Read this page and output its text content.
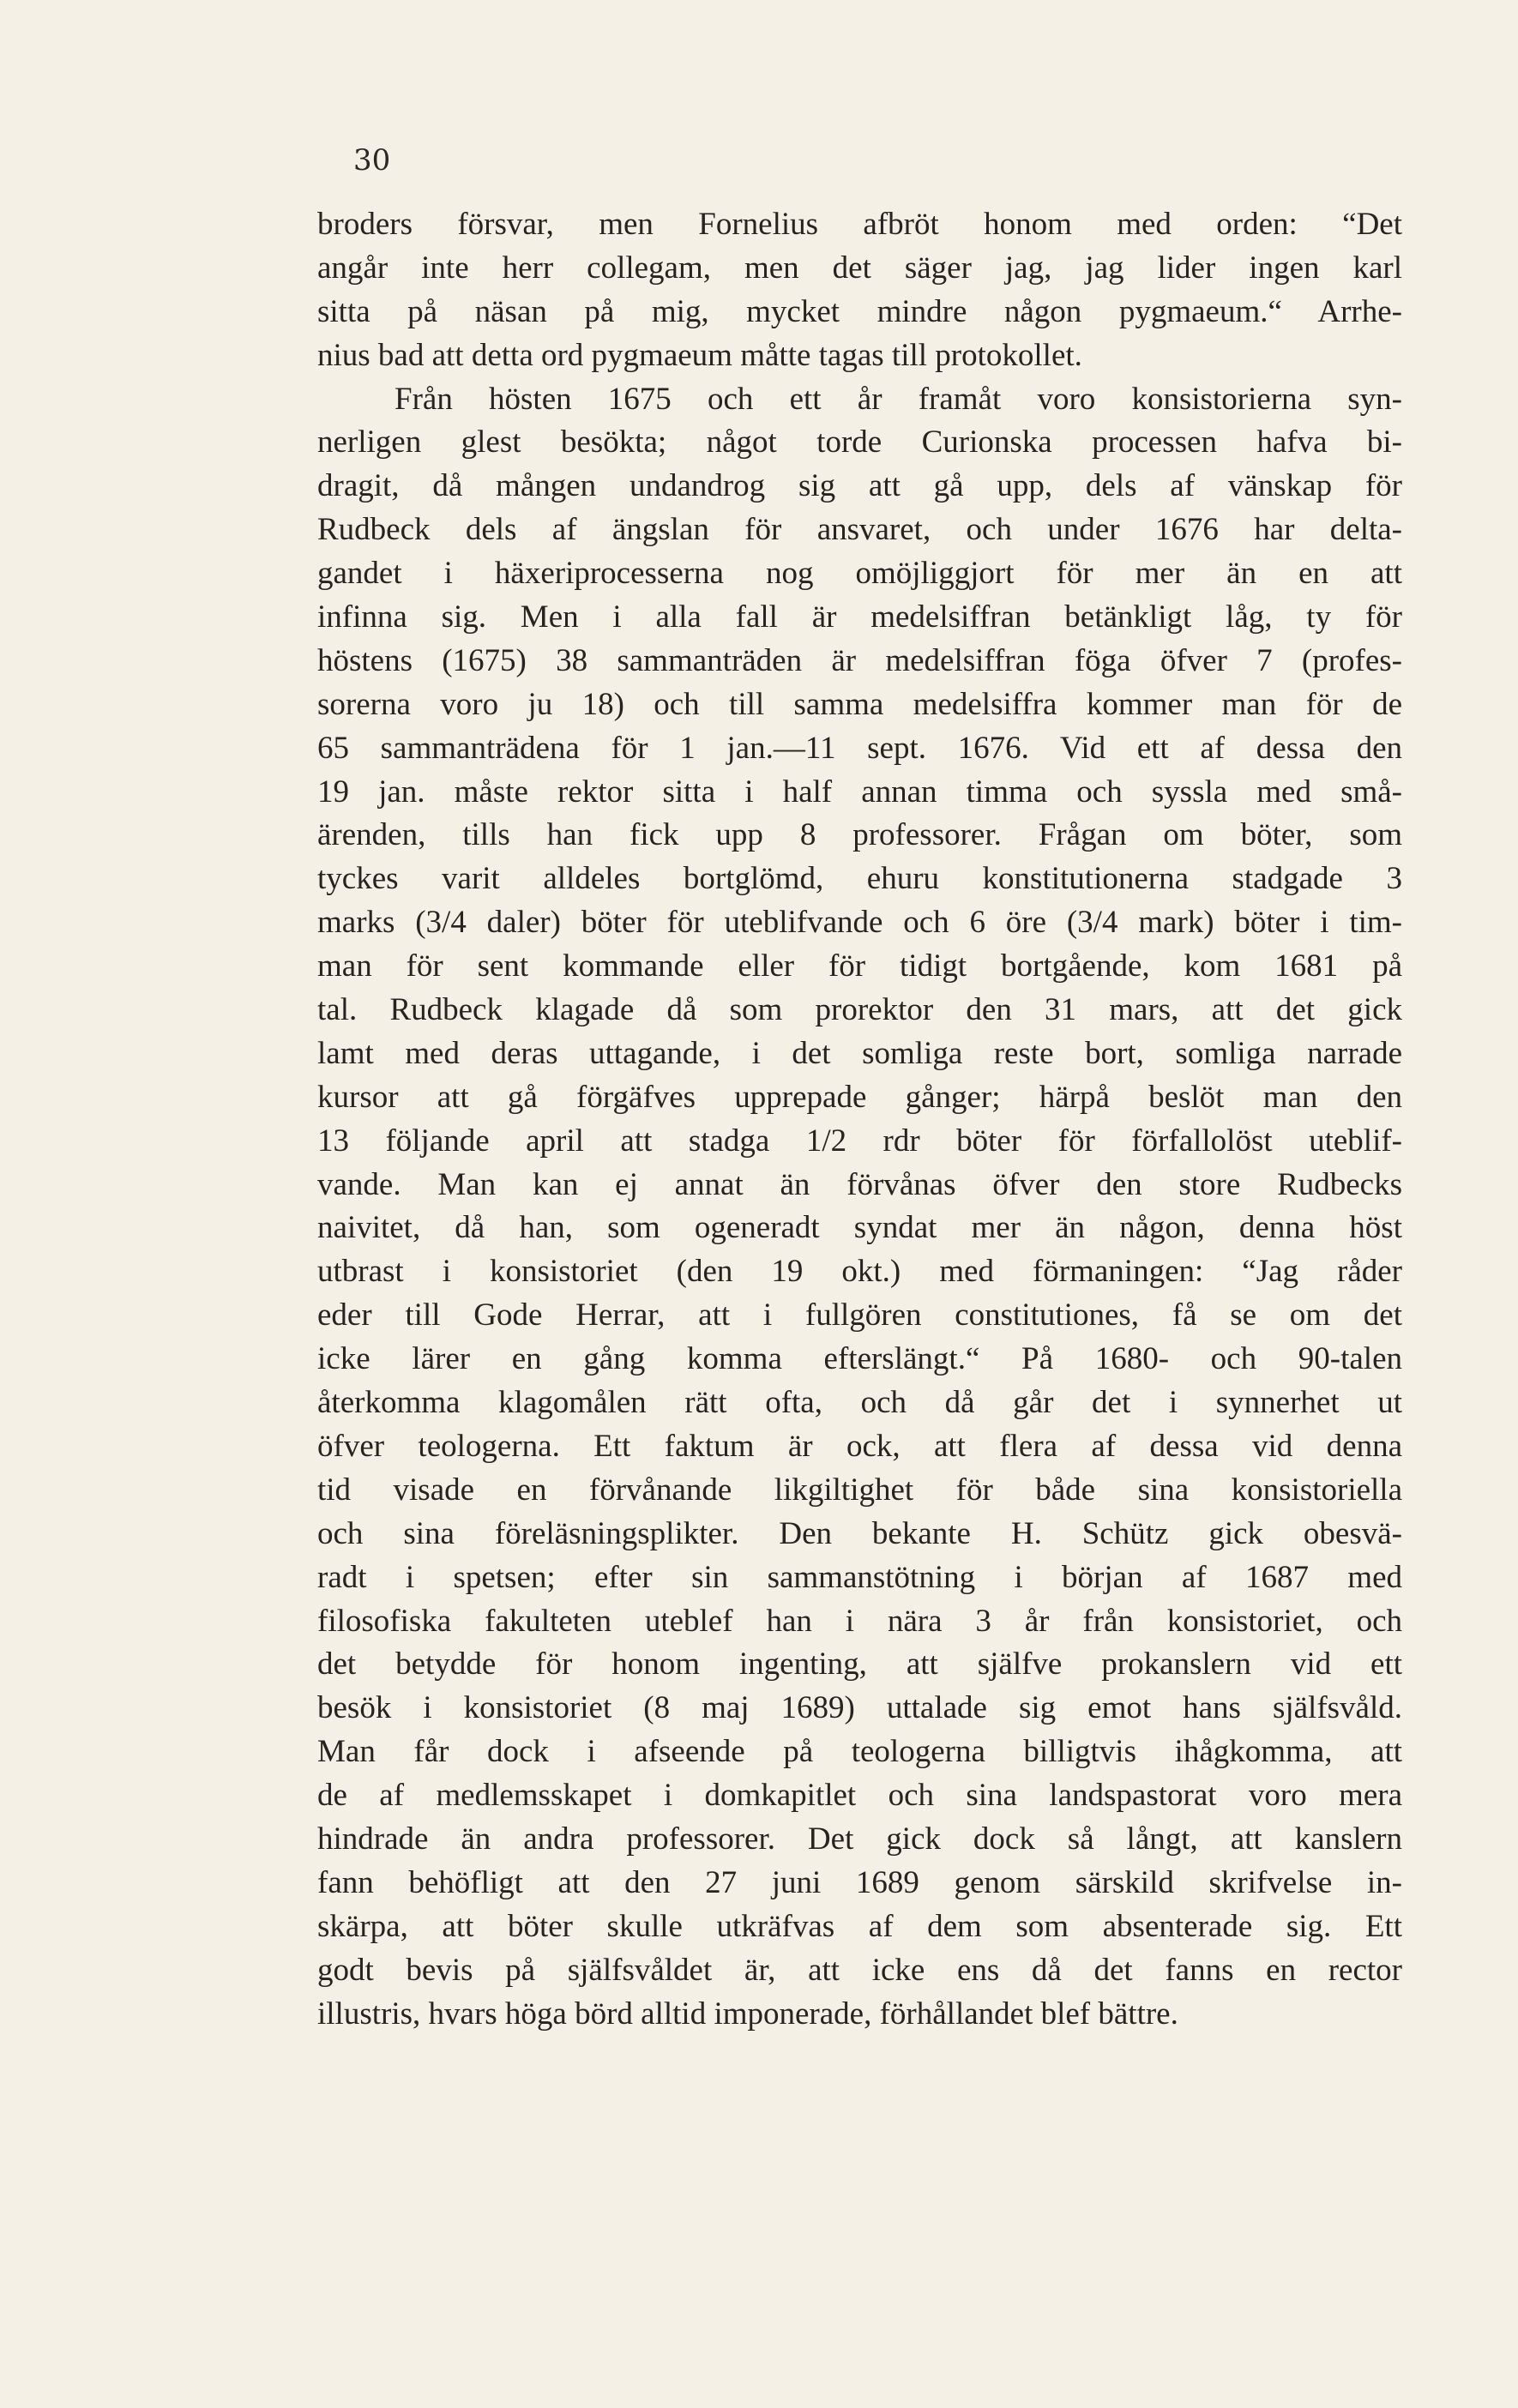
30
broders försvar, men Fornelius afbröt honom med orden: “Det
angår inte herr collegam, men det säger jag, jag lider ingen karl
sitta på näsan på mig, mycket mindre någon pygmaeum.“ Arrhe-
nius bad att detta ord pygmaeum måtte tagas till protokollet.
Från hösten 1675 och ett år framåt voro konsistorierna syn-
nerligen glest besökta; något torde Curionska processen hafva bi-
dragit, då mången undandrog sig att gå upp, dels af vänskap för
Rudbeck dels af ängslan för ansvaret, och under 1676 har delta-
gandet i häxeriprocesserna nog omöjliggjort för mer än en att
infinna sig. Men i alla fall är medelsiffran betänkligt låg, ty för
höstens (1675) 38 sammanträden är medelsiffran föga öfver 7 (profes-
sorerna voro ju 18) och till samma medelsiffra kommer man för de
65 sammanträdena för 1 jan.—11 sept. 1676. Vid ett af dessa den
19 jan. måste rektor sitta i half annan timma och syssla med små-
ärenden, tills han fick upp 8 professorer. Frågan om böter, som
tyckes varit alldeles bortglömd, ehuru konstitutionerna stadgade 3
marks (3/4 daler) böter för uteblifvande och 6 öre (3/4 mark) böter i tim-
man för sent kommande eller för tidigt bortgående, kom 1681 på
tal. Rudbeck klagade då som prorektor den 31 mars, att det gick
lamt med deras uttagande, i det somliga reste bort, somliga narrade
kursor att gå förgäfves upprepade gånger; härpå beslöt man den
13 följande april att stadga 1/2 rdr böter för förfallolöst uteblif-
vande. Man kan ej annat än förvånas öfver den store Rudbecks
naivitet, då han, som ogeneradt syndat mer än någon, denna höst
utbrast i konsistoriet (den 19 okt.) med förmaningen: “Jag råder
eder till Gode Herrar, att i fullgören constitutiones, få se om det
icke lärer en gång komma efterslängt.“ På 1680- och 90-talen
återkomma klagomålen rätt ofta, och då går det i synnerhet ut
öfver teologerna. Ett faktum är ock, att flera af dessa vid denna
tid visade en förvånande likgiltighet för både sina konsistoriella
och sina föreläsningsplikter. Den bekante H. Schütz gick obesvä-
radt i spetsen; efter sin sammanstötning i början af 1687 med
filosofiska fakulteten uteblef han i nära 3 år från konsistoriet, och
det betydde för honom ingenting, att själfve prokanslern vid ett
besök i konsistoriet (8 maj 1689) uttalade sig emot hans själfsvåld.
Man får dock i afseende på teologerna billigtvis ihågkomma, att
de af medlemsskapet i domkapitlet och sina landspastorat voro mera
hindrade än andra professorer. Det gick dock så långt, att kanslern
fann behöfligt att den 27 juni 1689 genom särskild skrifvelse in-
skärpa, att böter skulle utkräfvas af dem som absenterade sig. Ett
godt bevis på själfsvåldet är, att icke ens då det fanns en rector
illustris, hvars höga börd alltid imponerade, förhållandet blef bättre.
